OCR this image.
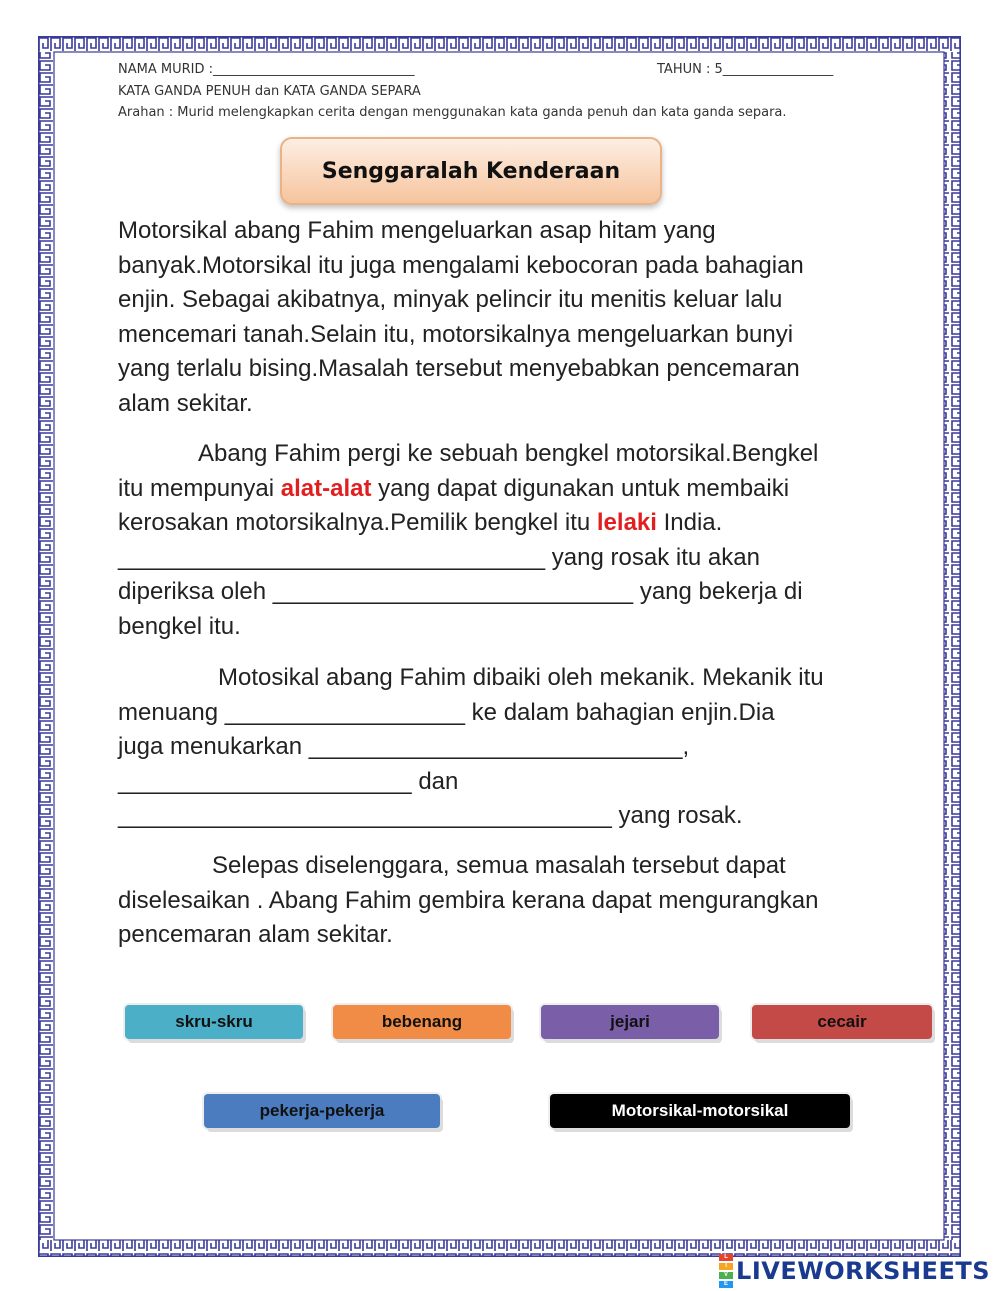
NAMA MURID :_______________________________	TAHUN : 5_________________
KATA GANDA PENUH dan KATA GANDA SEPARA
Arahan : Murid melengkapkan cerita dengan menggunakan kata ganda penuh dan kata ganda separa.
Senggaralah Kenderaan

Motorsikal abang Fahim mengeluarkan asap hitam yang

banyak.Motorsikal itu juga mengalami kebocoran pada bahagian

enjin. Sebagai akibatnya, minyak pelincir itu menitis keluar lalu

mencemari tanah.Selain itu, motorsikalnya mengeluarkan bunyi

yang terlalu bising.Masalah tersebut menyebabkan pencemaran

alam sekitar.

Abang Fahim pergi ke sebuah bengkel motorsikal.Bengkel

itu mempunyai alat-alat yang dapat digunakan untuk membaiki

kerosakan motorsikalnya.Pemilik bengkel itu lelaki India.

________________________________ yang rosak itu akan

diperiksa oleh ___________________________ yang bekerja di

bengkel itu.

Motosikal abang Fahim dibaiki oleh mekanik. Mekanik itu

menuang __________________ ke dalam bahagian enjin.Dia

juga menukarkan ____________________________,

______________________ dan

_____________________________________ yang rosak.

Selepas diselenggara, semua masalah tersebut dapat

diselesaikan . Abang Fahim gembira kerana dapat mengurangkan

pencemaran alam sekitar.

skru-skru	bebenang	jejari	cecair
pekerja-pekerja	Motorsikal-motorsikal
L
I
V
E LIVEWORKSHEETS
